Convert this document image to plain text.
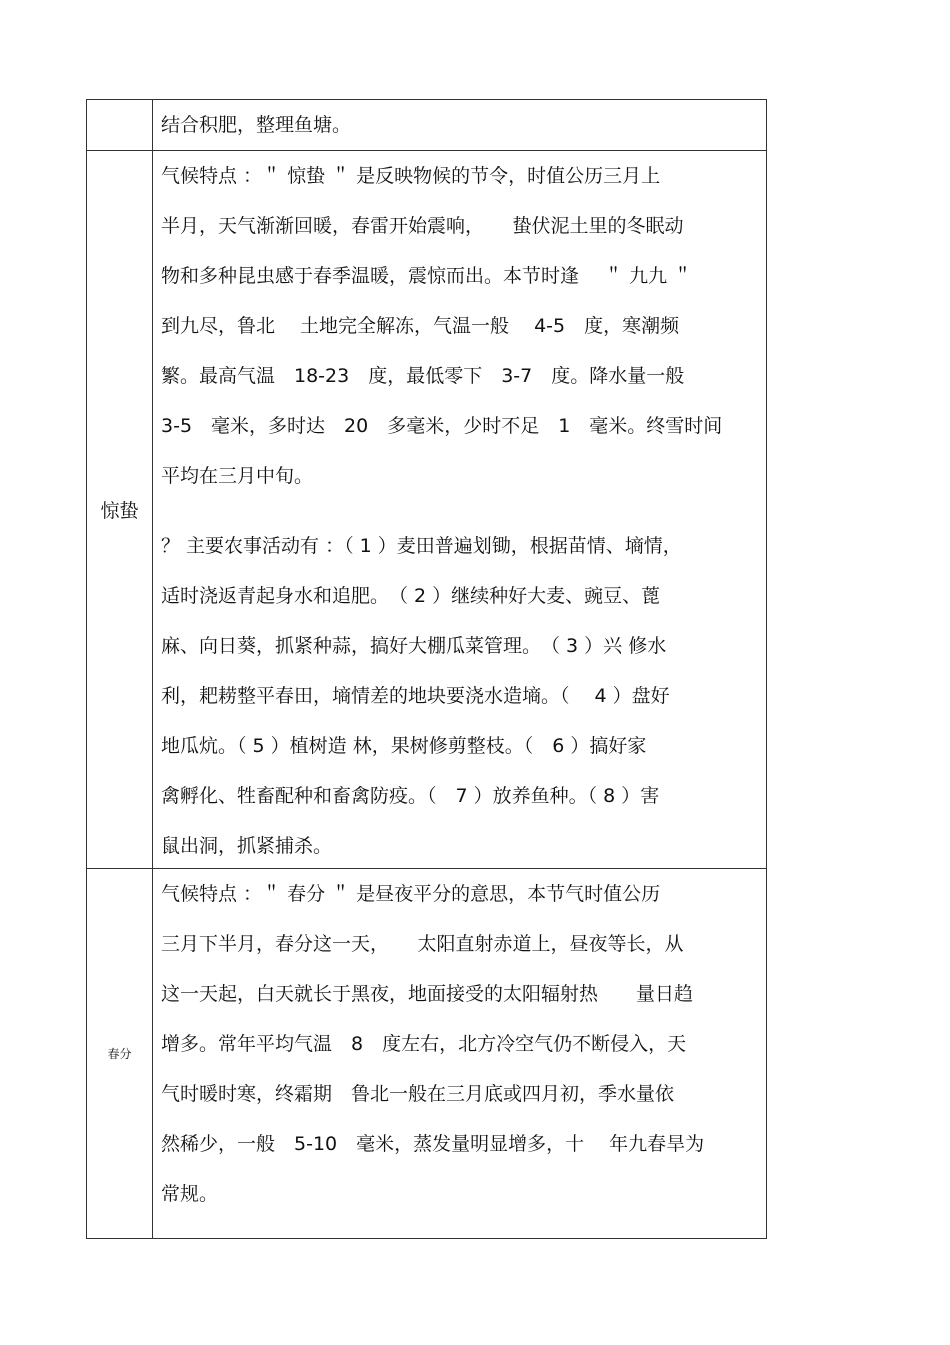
结合积肥，整理鱼塘。
惊蛰
气候特点 ：＂ 惊蛰 ＂ 是反映物候的节令，时值公历三月上
半月，天气渐渐回暖，春雷开始震响，　　蛰伏泥土里的冬眠动
物和多种昆虫感于春季温暖，震惊而出。本节时逢　 ＂ 九九 ＂
到九尽，鲁北　 土地完全解冻，气温一般　 4-5　度，寒潮频
繁。最高气温　18-23　度，最低零下　3-7　度。降水量一般
3-5　毫米，多时达　20　多毫米，少时不足　1　毫米。终雪时间
平均在三月中旬。
？ 主要农事活动有 ：（ 1 ）麦田普遍划锄，根据苗情、墒情，
适时浇返青起身水和追肥。　（ 2 ）继续种好大麦、豌豆、蓖
麻、向日葵，抓紧种蒜，搞好大棚瓜菜管理。　（ 3 ）兴 修水
利，耙耢整平春田，墒情差的地块要浇水造墒。（　 4 ）盘好
地瓜炕。（ 5 ）植树造 林，果树修剪整枝。（　6 ）搞好家
禽孵化、牲畜配种和畜禽防疫。（　7 ）放养鱼种。（ 8 ）害
鼠出洞，抓紧捕杀。
春分
气候特点 ：＂ 春分 ＂ 是昼夜平分的意思，本节气时值公历
三月下半月，春分这一天，　　太阳直射赤道上，昼夜等长，从
这一天起，白天就长于黑夜，地面接受的太阳辐射热　　量日趋
增多。常年平均气温　8　度左右，北方冷空气仍不断侵入，天
气时暖时寒，终霜期　鲁北一般在三月底或四月初，季水量依
然稀少，一般　5-10　毫米，蒸发量明显增多，十　 年九春旱为
常规。
